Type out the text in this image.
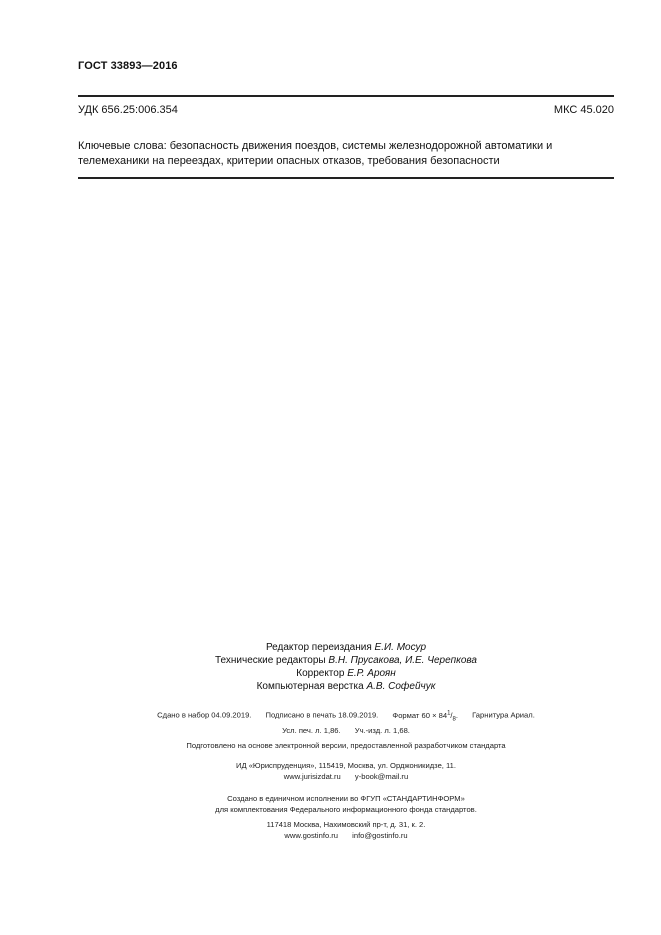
ГОСТ 33893—2016
УДК 656.25:006.354	МКС 45.020
Ключевые слова: безопасность движения поездов, системы железнодорожной автоматики и телемеханики на переездах, критерии опасных отказов, требования безопасности
Редактор переиздания Е.И. Мосур
Технические редакторы В.Н. Прусакова, И.Е. Черепкова
Корректор Е.Р. Ароян
Компьютерная верстка А.В. Софейчук
Сдано в набор 04.09.2019. Подписано в печать 18.09.2019. Формат $60 \times 84^1/_8$. Гарнитура Ариал.
Усл. печ. л. 1,86. Уч.-изд. л. 1,68.
Подготовлено на основе электронной версии, предоставленной разработчиком стандарта
ИД «Юриспруденция», 115419, Москва, ул. Орджоникидзе, 11.
www.jurisizdat.ru y-book@mail.ru
Создано в единичном исполнении во ФГУП «СТАНДАРТИНФОРМ»
для комплектования Федерального информационного фонда стандартов.
117418 Москва, Нахимовский пр-т, д. 31, к. 2.
www.gostinfo.ru info@gostinfo.ru
